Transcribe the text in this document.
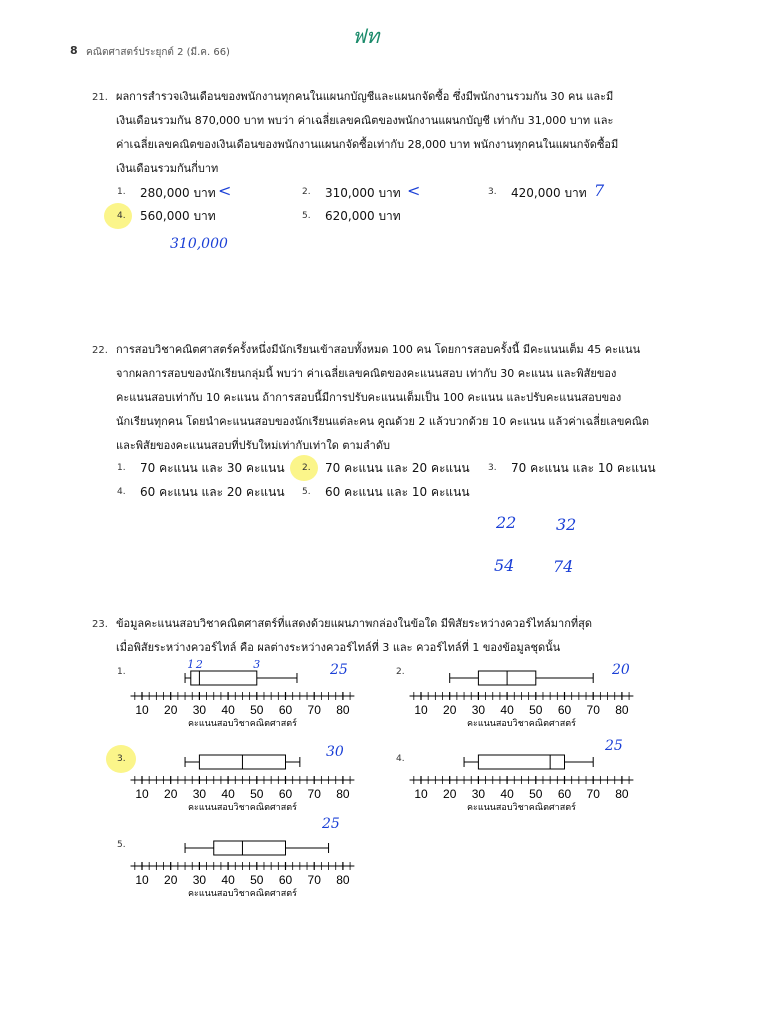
8 คณิตศาสตร์ประยุกต์ 2 (มี.ค. 66)
ฟท
21. ผลการสำรวจเงินเดือนของพนักงานทุกคนในแผนกบัญชีและแผนกจัดซื้อ ซึ่งมีพนักงานรวมกัน 30 คน และมี
เงินเดือนรวมกัน 870,000 บาท พบว่า ค่าเฉลี่ยเลขคณิตของพนักงานแผนกบัญชี เท่ากับ 31,000 บาท และ
ค่าเฉลี่ยเลขคณิตของเงินเดือนของพนักงานแผนกจัดซื้อเท่ากับ 28,000 บาท พนักงานทุกคนในแผนกจัดซื้อมี
เงินเดือนรวมกันกี่บาท
1. 280,000 บาท <	2. 310,000 บาท <	3. 420,000 บาท 7
4. 560,000 บาท	5. 620,000 บาท
310,000
22. การสอบวิชาคณิตศาสตร์ครั้งหนึ่งมีนักเรียนเข้าสอบทั้งหมด 100 คน โดยการสอบครั้งนี้ มีคะแนนเต็ม 45 คะแนน
จากผลการสอบของนักเรียนกลุ่มนี้ พบว่า ค่าเฉลี่ยเลขคณิตของคะแนนสอบ เท่ากับ 30 คะแนน และพิสัยของ
คะแนนสอบเท่ากับ 10 คะแนน ถ้าการสอบนี้มีการปรับคะแนนเต็มเป็น 100 คะแนน และปรับคะแนนสอบของ
นักเรียนทุกคน โดยนำคะแนนสอบของนักเรียนแต่ละคน คูณด้วย 2 แล้วบวกด้วย 10 คะแนน แล้วค่าเฉลี่ยเลขคณิต
และพิสัยของคะแนนสอบที่ปรับใหม่เท่ากับเท่าใด ตามลำดับ
1. 70 คะแนน และ 30 คะแนน 2. 70 คะแนน และ 20 คะแนน 3. 70 คะแนน และ 10 คะแนน
4. 60 คะแนน และ 20 คะแนน 5. 60 คะแนน และ 10 คะแนน
22 32
54 74
23. ข้อมูลคะแนนสอบวิชาคณิตศาสตร์ที่แสดงด้วยแผนภาพกล่องในข้อใด มีพิสัยระหว่างควอร์ไทล์มากที่สุด
เมื่อพิสัยระหว่างควอร์ไทล์ คือ ผลต่างระหว่างควอร์ไทล์ที่ 3 และ ควอร์ไทล์ที่ 1 ของข้อมูลชุดนั้น
1.
10 20 30 40 50 60 70 80
คะแนนสอบวิชาคณิตศาสตร์
1 2	3	25	2.
10 20 30 40 50 60 70 80
คะแนนสอบวิชาคณิตศาสตร์
20
3.
10 20 30 40 50 60 70 80
คะแนนสอบวิชาคณิตศาสตร์
30	4.
10 20 30 40 50 60 70 80
คะแนนสอบวิชาคณิตศาสตร์
25
5.
10 20 30 40 50 60 70 80
คะแนนสอบวิชาคณิตศาสตร์
25
